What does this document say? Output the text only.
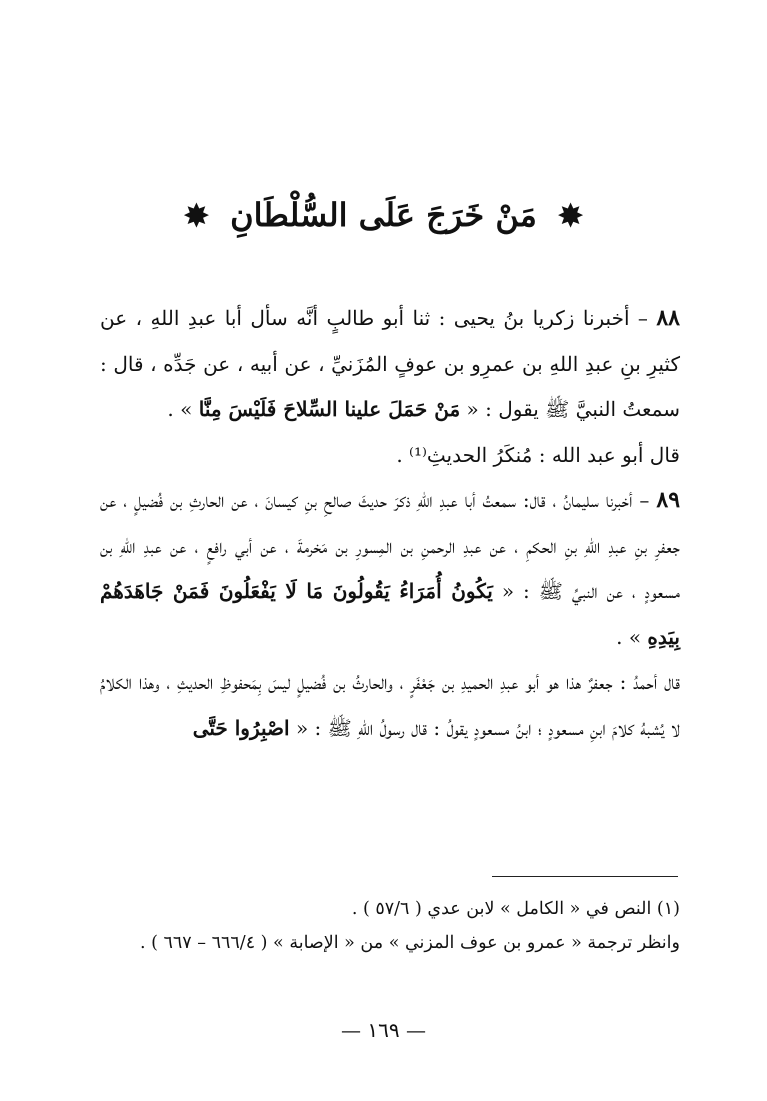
✸ مَنْ خَرَجَ عَلَى السُّلْطَانِ ✸

٨٨ – أخبرنا زكريا بنُ يحيى : ثنا أبو طالبٍ أنَّه سأل أبا عبدِ اللهِ ، عن كثيرِ بنِ عبدِ اللهِ بن عمرِو بن عوفٍ المُزَنيِّ ، عن أبيه ، عن جَدِّه ، قال : سمعتُ النبيَّ ﷺ يقول : « مَنْ حَمَلَ علينا السِّلاحَ فَلَيْسَ مِنَّا » .

قال أبو عبد الله : مُنكَرُ الحديثِ⁽¹⁾ .

٨٩ – أخبرنا سليمانُ ، قال: سمعتُ أبا عبدِ اللهِ ذكرَ حديثَ صالحِ بنِ كيسانَ ، عن الحارثِ بن فُضيلٍ ، عن جعفرِ بنِ عبدِ اللهِ بنِ الحكمِ ، عن عبدِ الرحمنِ بن المِسورِ بن مَخرمةَ ، عن أبي رافعٍ ، عن عبدِ اللهِ بن مسعودٍ ، عن النبيِّ ﷺ : « يَكُونُ أُمَرَاءُ يَقُولُونَ مَا لَا يَفْعَلُونَ فَمَنْ جَاهَدَهُمْ بِيَدِهِ » .

قال أحمدُ : جعفرٌ هذا هو أبو عبدِ الحميدِ بن جَعْفَرٍ ، والحارثُ بن فُضيلٍ ليسَ بِمَحفوظِ الحديثِ ، وهذا الكلامُ لا يُشبهُ كلامَ ابنِ مسعودٍ ؛ ابنُ مسعودٍ يقولُ : قال رسولُ اللهِ ﷺ : « اصْبِرُوا حَتَّى

(١) النص في « الكامل » لابن عدي ( ٥٧/٦ ) .

وانظر ترجمة « عمرو بن عوف المزني » من « الإصابة » ( ٦٦٦/٤ – ٦٦٧ ) .

— ١٦٩ —
